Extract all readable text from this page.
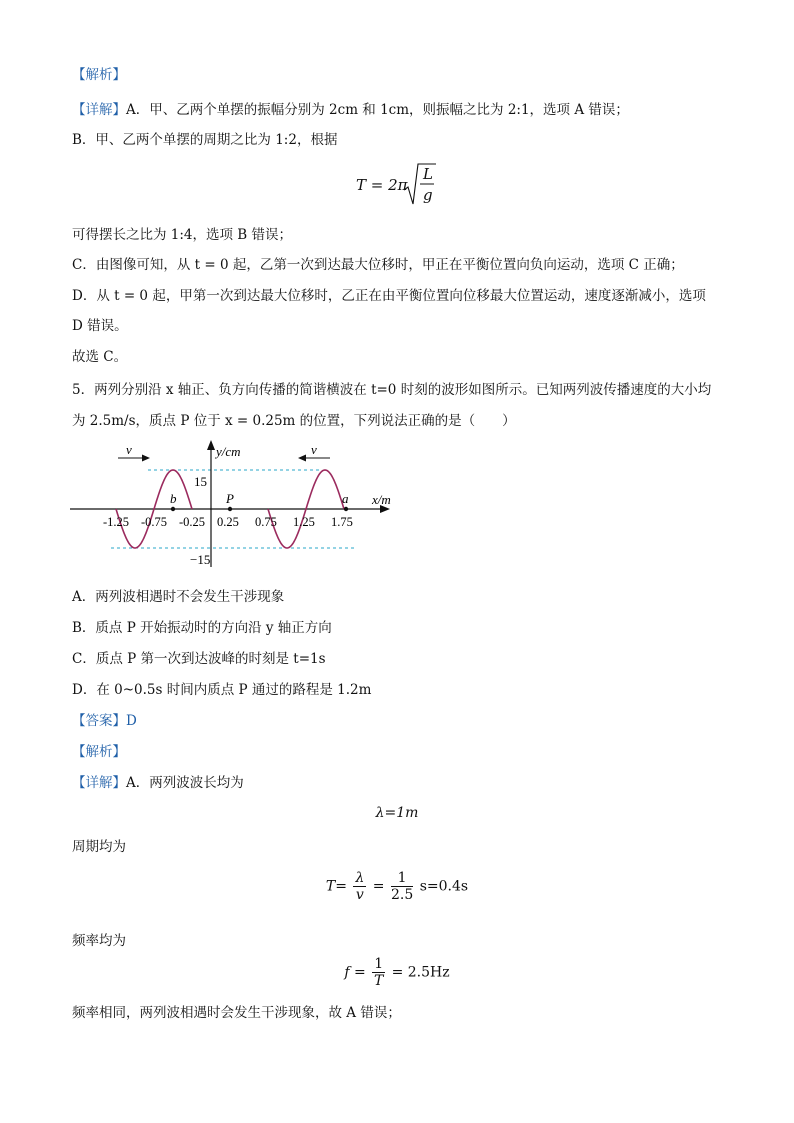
【解析】
【详解】A．甲、乙两个单摆的振幅分别为 2cm 和 1cm，则振幅之比为 2:1，选项 A 错误；
B．甲、乙两个单摆的周期之比为 1:2，根据
T = 2π
L
g
可得摆长之比为 1:4，选项 B 错误；
C．由图像可知，从 t = 0 起，乙第一次到达最大位移时，甲正在平衡位置向负向运动，选项 C 正确；
D．从 t = 0 起，甲第一次到达最大位移时，乙正在由平衡位置向位移最大位置运动，速度逐渐减小，选项
D 错误。
故选 C。
5．两列分别沿 x 轴正、负方向传播的简谐横波在 t=0 时刻的波形如图所示。已知两列波传播速度的大小均
为 2.5m/s，质点 P 位于 x = 0.25m 的位置，下列说法正确的是（　　）
15
−15
y/cm
x/m
-1.25 -0.75 -0.25 0.25 0.75 1.25 1.75
b	P	a
v	v
A．两列波相遇时不会发生干涉现象
B．质点 P 开始振动时的方向沿 y 轴正方向
C．质点 P 第一次到达波峰的时刻是 t=1s
D．在 0~0.5s 时间内质点 P 通过的路程是 1.2m
【答案】D
【解析】
【详解】A．两列波波长均为
λ=1m
周期均为
$T= \frac{\lambda}{v} = \frac{1}{2.5} s=0.4s$
频率均为
$f = \frac{1}{T} = 2.5Hz$
频率相同，两列波相遇时会发生干涉现象，故 A 错误；
